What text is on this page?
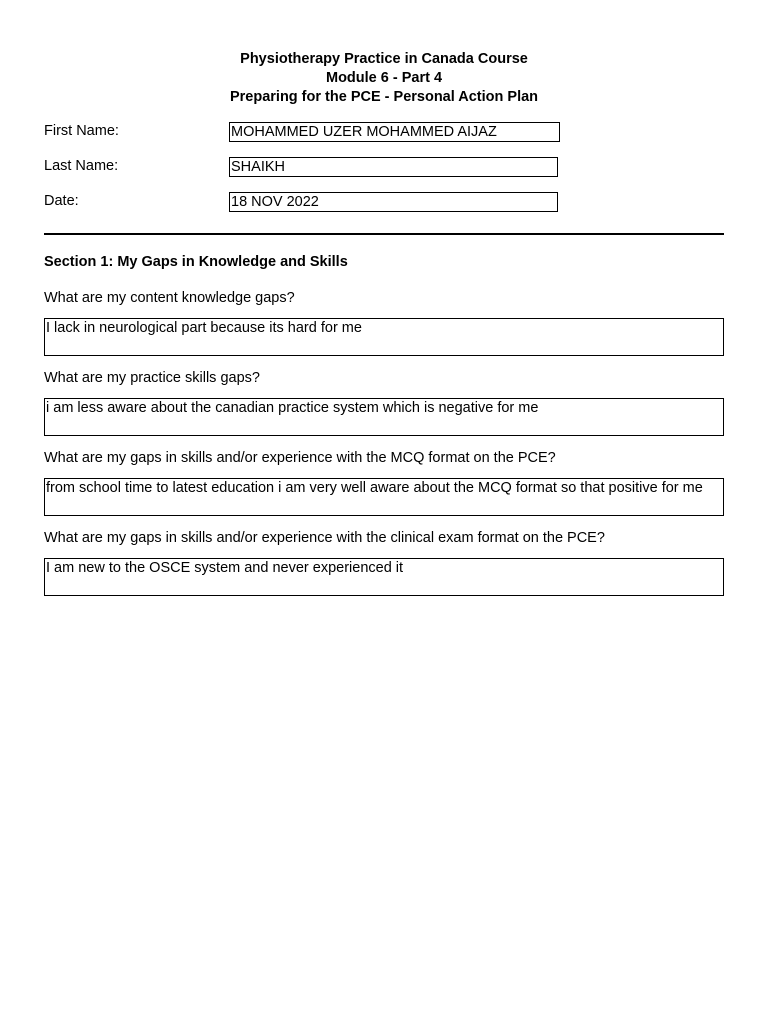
Physiotherapy Practice in Canada Course
Module 6 - Part 4
Preparing for the PCE - Personal Action Plan
First Name:	MOHAMMED UZER MOHAMMED AIJAZ
Last Name:	SHAIKH
Date:	18 NOV 2022
Section 1: My Gaps in Knowledge and Skills
What are my content knowledge gaps?
I lack in neurological part because its hard for me
What are my practice skills gaps?
i am less aware about the canadian practice system which is negative for me
What are my gaps in skills and/or experience with the MCQ format on the PCE?
from school time to latest education i am very well aware about the MCQ format so that positive for me
What are my gaps in skills and/or experience with the clinical exam format on the PCE?
I am new to the OSCE system and never experienced it
